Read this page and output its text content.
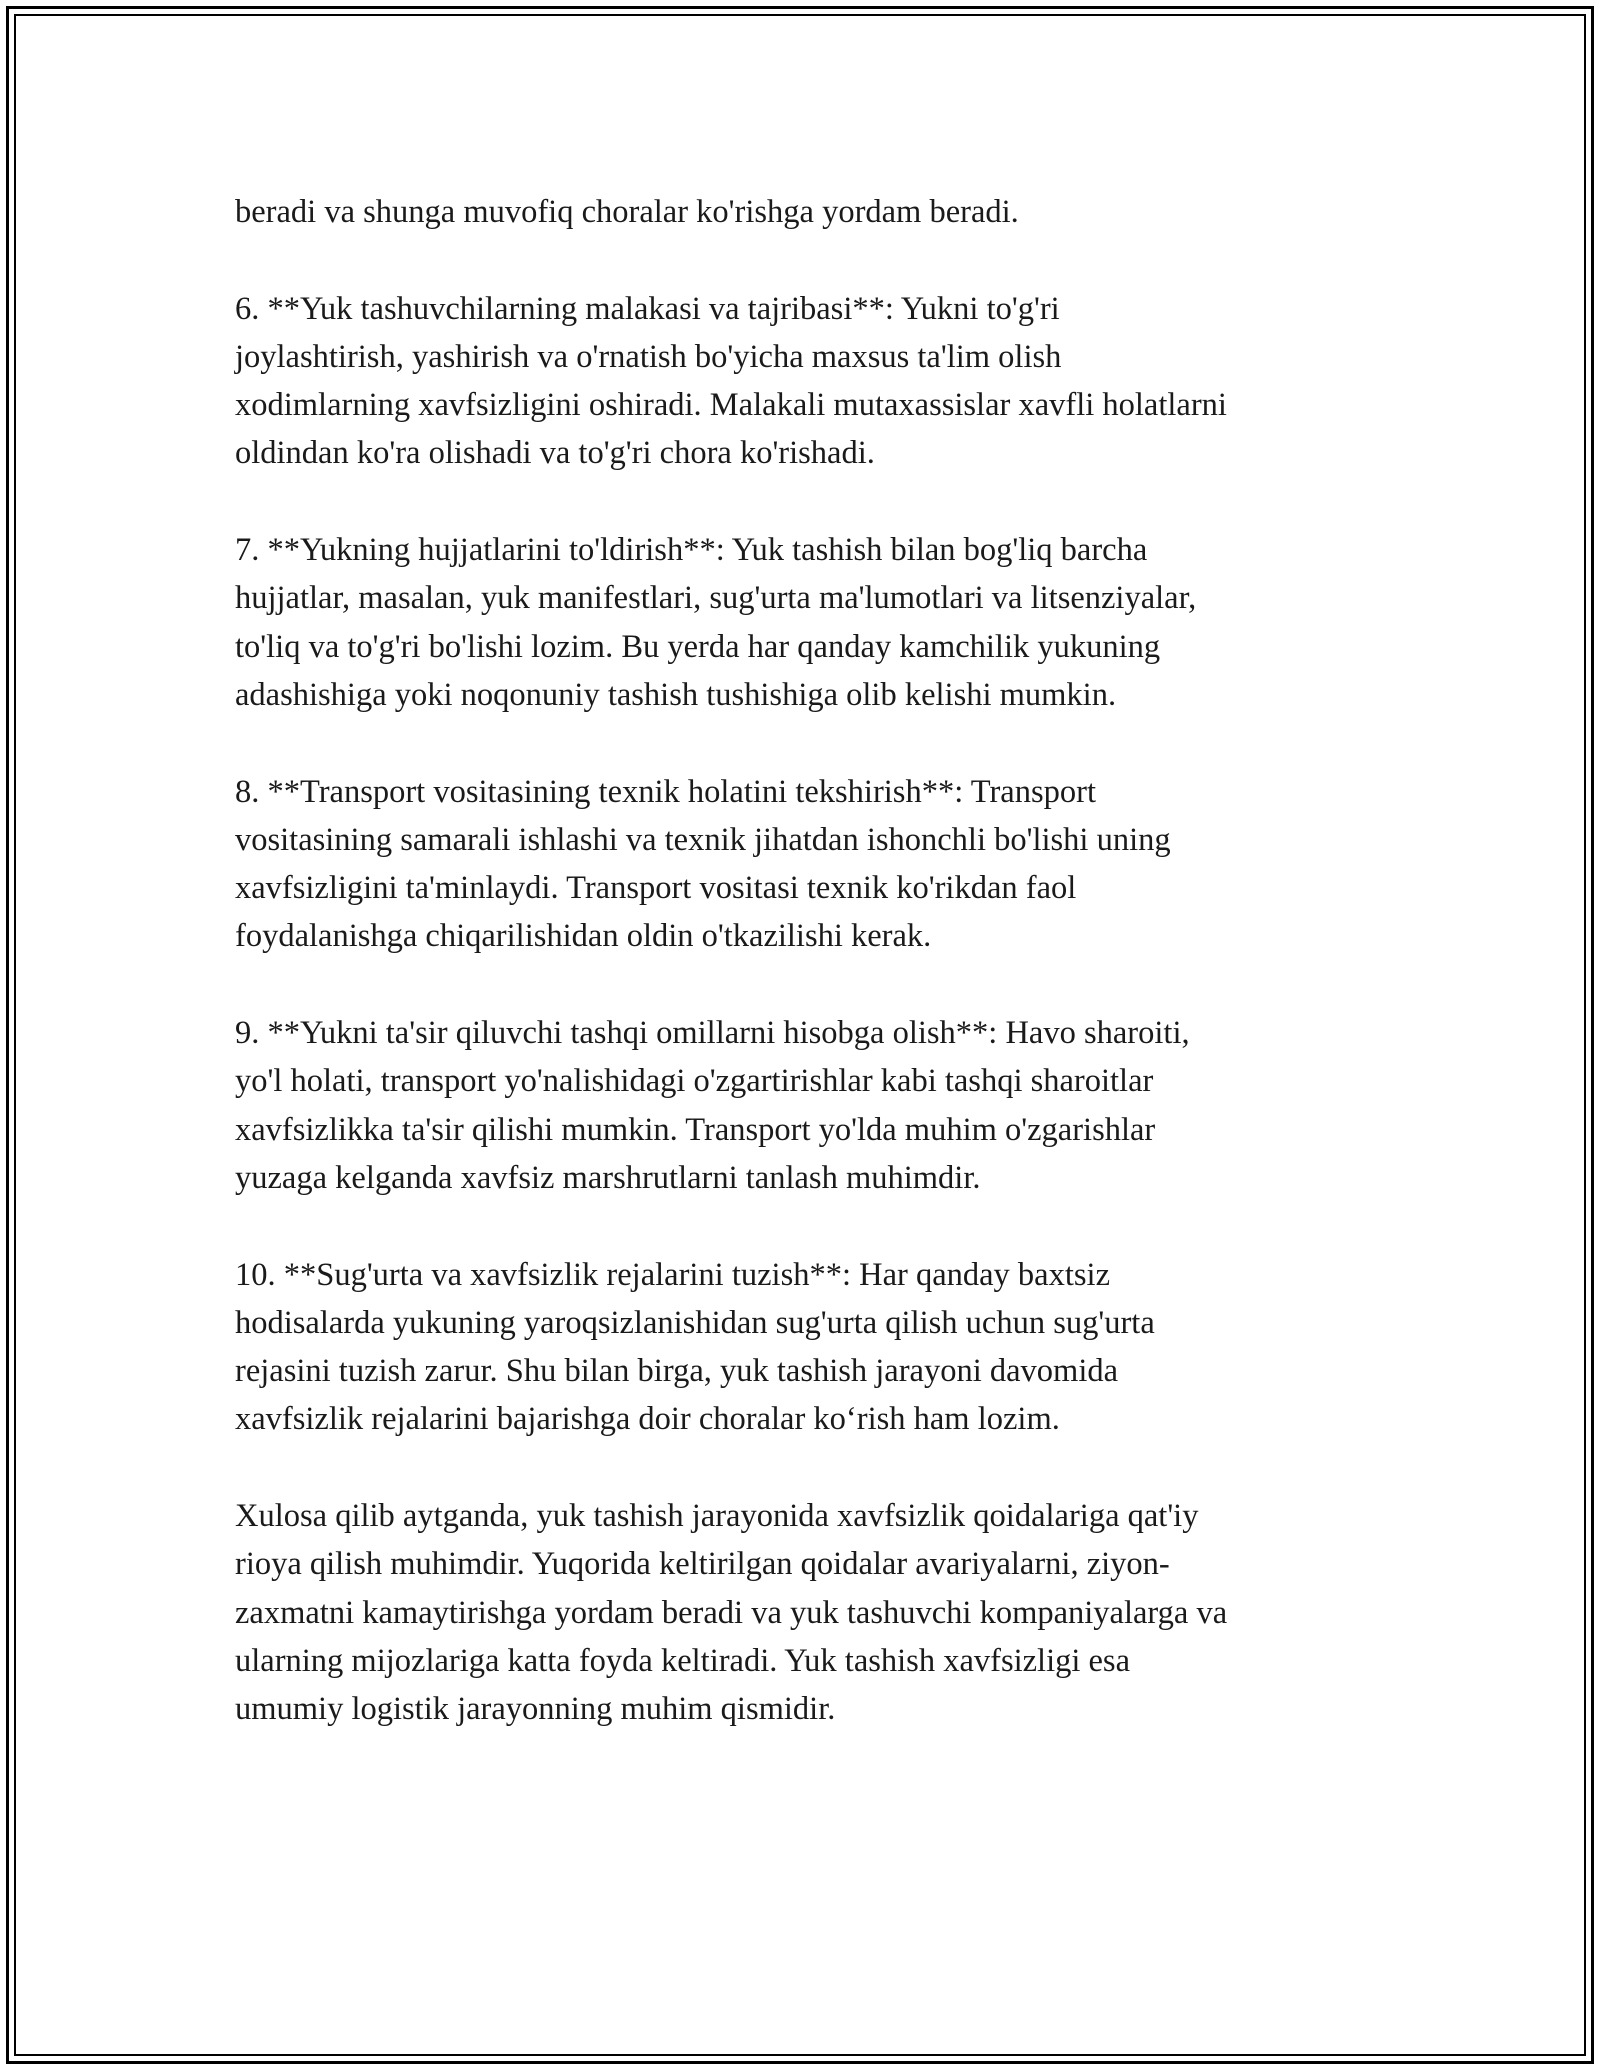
beradi va shunga muvofiq choralar ko'rishga yordam beradi.

6. **Yuk tashuvchilarning malakasi va tajribasi**: Yukni to'g'ri
joylashtirish, yashirish va o'rnatish bo'yicha maxsus ta'lim olish
xodimlarning xavfsizligini oshiradi. Malakali mutaxassislar xavfli holatlarni
oldindan ko'ra olishadi va to'g'ri chora ko'rishadi.

7. **Yukning hujjatlarini to'ldirish**: Yuk tashish bilan bog'liq barcha
hujjatlar, masalan, yuk manifestlari, sug'urta ma'lumotlari va litsenziyalar,
to'liq va to'g'ri bo'lishi lozim. Bu yerda har qanday kamchilik yukuning
adashishiga yoki noqonuniy tashish tushishiga olib kelishi mumkin.

8. **Transport vositasining texnik holatini tekshirish**: Transport
vositasining samarali ishlashi va texnik jihatdan ishonchli bo'lishi uning
xavfsizligini ta'minlaydi. Transport vositasi texnik ko'rikdan faol
foydalanishga chiqarilishidan oldin o'tkazilishi kerak.

9. **Yukni ta'sir qiluvchi tashqi omillarni hisobga olish**: Havo sharoiti,
yo'l holati, transport yo'nalishidagi o'zgartirishlar kabi tashqi sharoitlar
xavfsizlikka ta'sir qilishi mumkin. Transport yo'lda muhim o'zgarishlar
yuzaga kelganda xavfsiz marshrutlarni tanlash muhimdir.

10. **Sug'urta va xavfsizlik rejalarini tuzish**: Har qanday baxtsiz
hodisalarda yukuning yaroqsizlanishidan sug'urta qilish uchun sug'urta
rejasini tuzish zarur. Shu bilan birga, yuk tashish jarayoni davomida
xavfsizlik rejalarini bajarishga doir choralar ko‘rish ham lozim.

Xulosa qilib aytganda, yuk tashish jarayonida xavfsizlik qoidalariga qat'iy
rioya qilish muhimdir. Yuqorida keltirilgan qoidalar avariyalarni, ziyon-
zaxmatni kamaytirishga yordam beradi va yuk tashuvchi kompaniyalarga va
ularning mijozlariga katta foyda keltiradi. Yuk tashish xavfsizligi esa
umumiy logistik jarayonning muhim qismidir.
